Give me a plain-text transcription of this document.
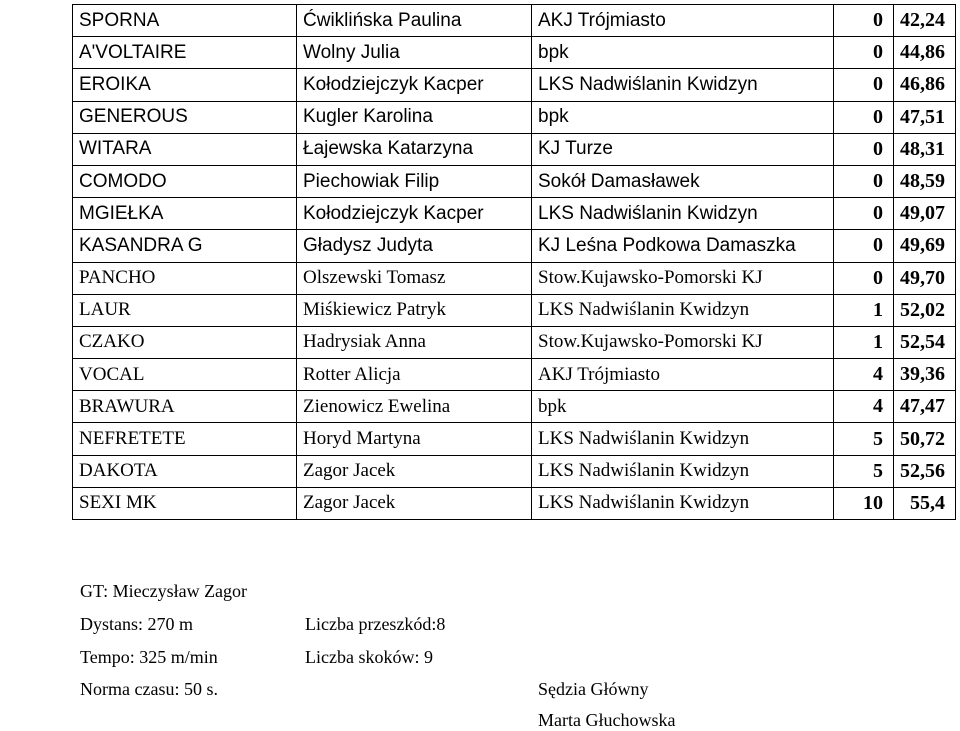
SPORNA	Ćwiklińska Paulina	AKJ Trójmiasto	0	42,24
A'VOLTAIRE	Wolny Julia	bpk	0	44,86
EROIKA	Kołodziejczyk Kacper	LKS Nadwiślanin Kwidzyn	0	46,86
GENEROUS	Kugler Karolina	bpk	0	47,51
WITARA	Łajewska Katarzyna	KJ Turze	0	48,31
COMODO	Piechowiak Filip	Sokół Damasławek	0	48,59
MGIEŁKA	Kołodziejczyk Kacper	LKS Nadwiślanin Kwidzyn	0	49,07
KASANDRA G	Gładysz Judyta	KJ Leśna Podkowa Damaszka	0	49,69
PANCHO	Olszewski Tomasz	Stow.Kujawsko-Pomorski KJ	0	49,70
LAUR	Miśkiewicz Patryk	LKS Nadwiślanin Kwidzyn	1	52,02
CZAKO	Hadrysiak Anna	Stow.Kujawsko-Pomorski KJ	1	52,54
VOCAL	Rotter Alicja	AKJ Trójmiasto	4	39,36
BRAWURA	Zienowicz Ewelina	bpk	4	47,47
NEFRETETE	Horyd Martyna	LKS Nadwiślanin Kwidzyn	5	50,72
DAKOTA	Zagor Jacek	LKS Nadwiślanin Kwidzyn	5	52,56
SEXI MK	Zagor Jacek	LKS Nadwiślanin Kwidzyn	10	55,4
GT: Mieczysław Zagor
Dystans: 270 m	Liczba przeszkód:8
Tempo: 325 m/min	Liczba skoków: 9
Norma czasu: 50 s.	Sędzia Główny
Marta Głuchowska
